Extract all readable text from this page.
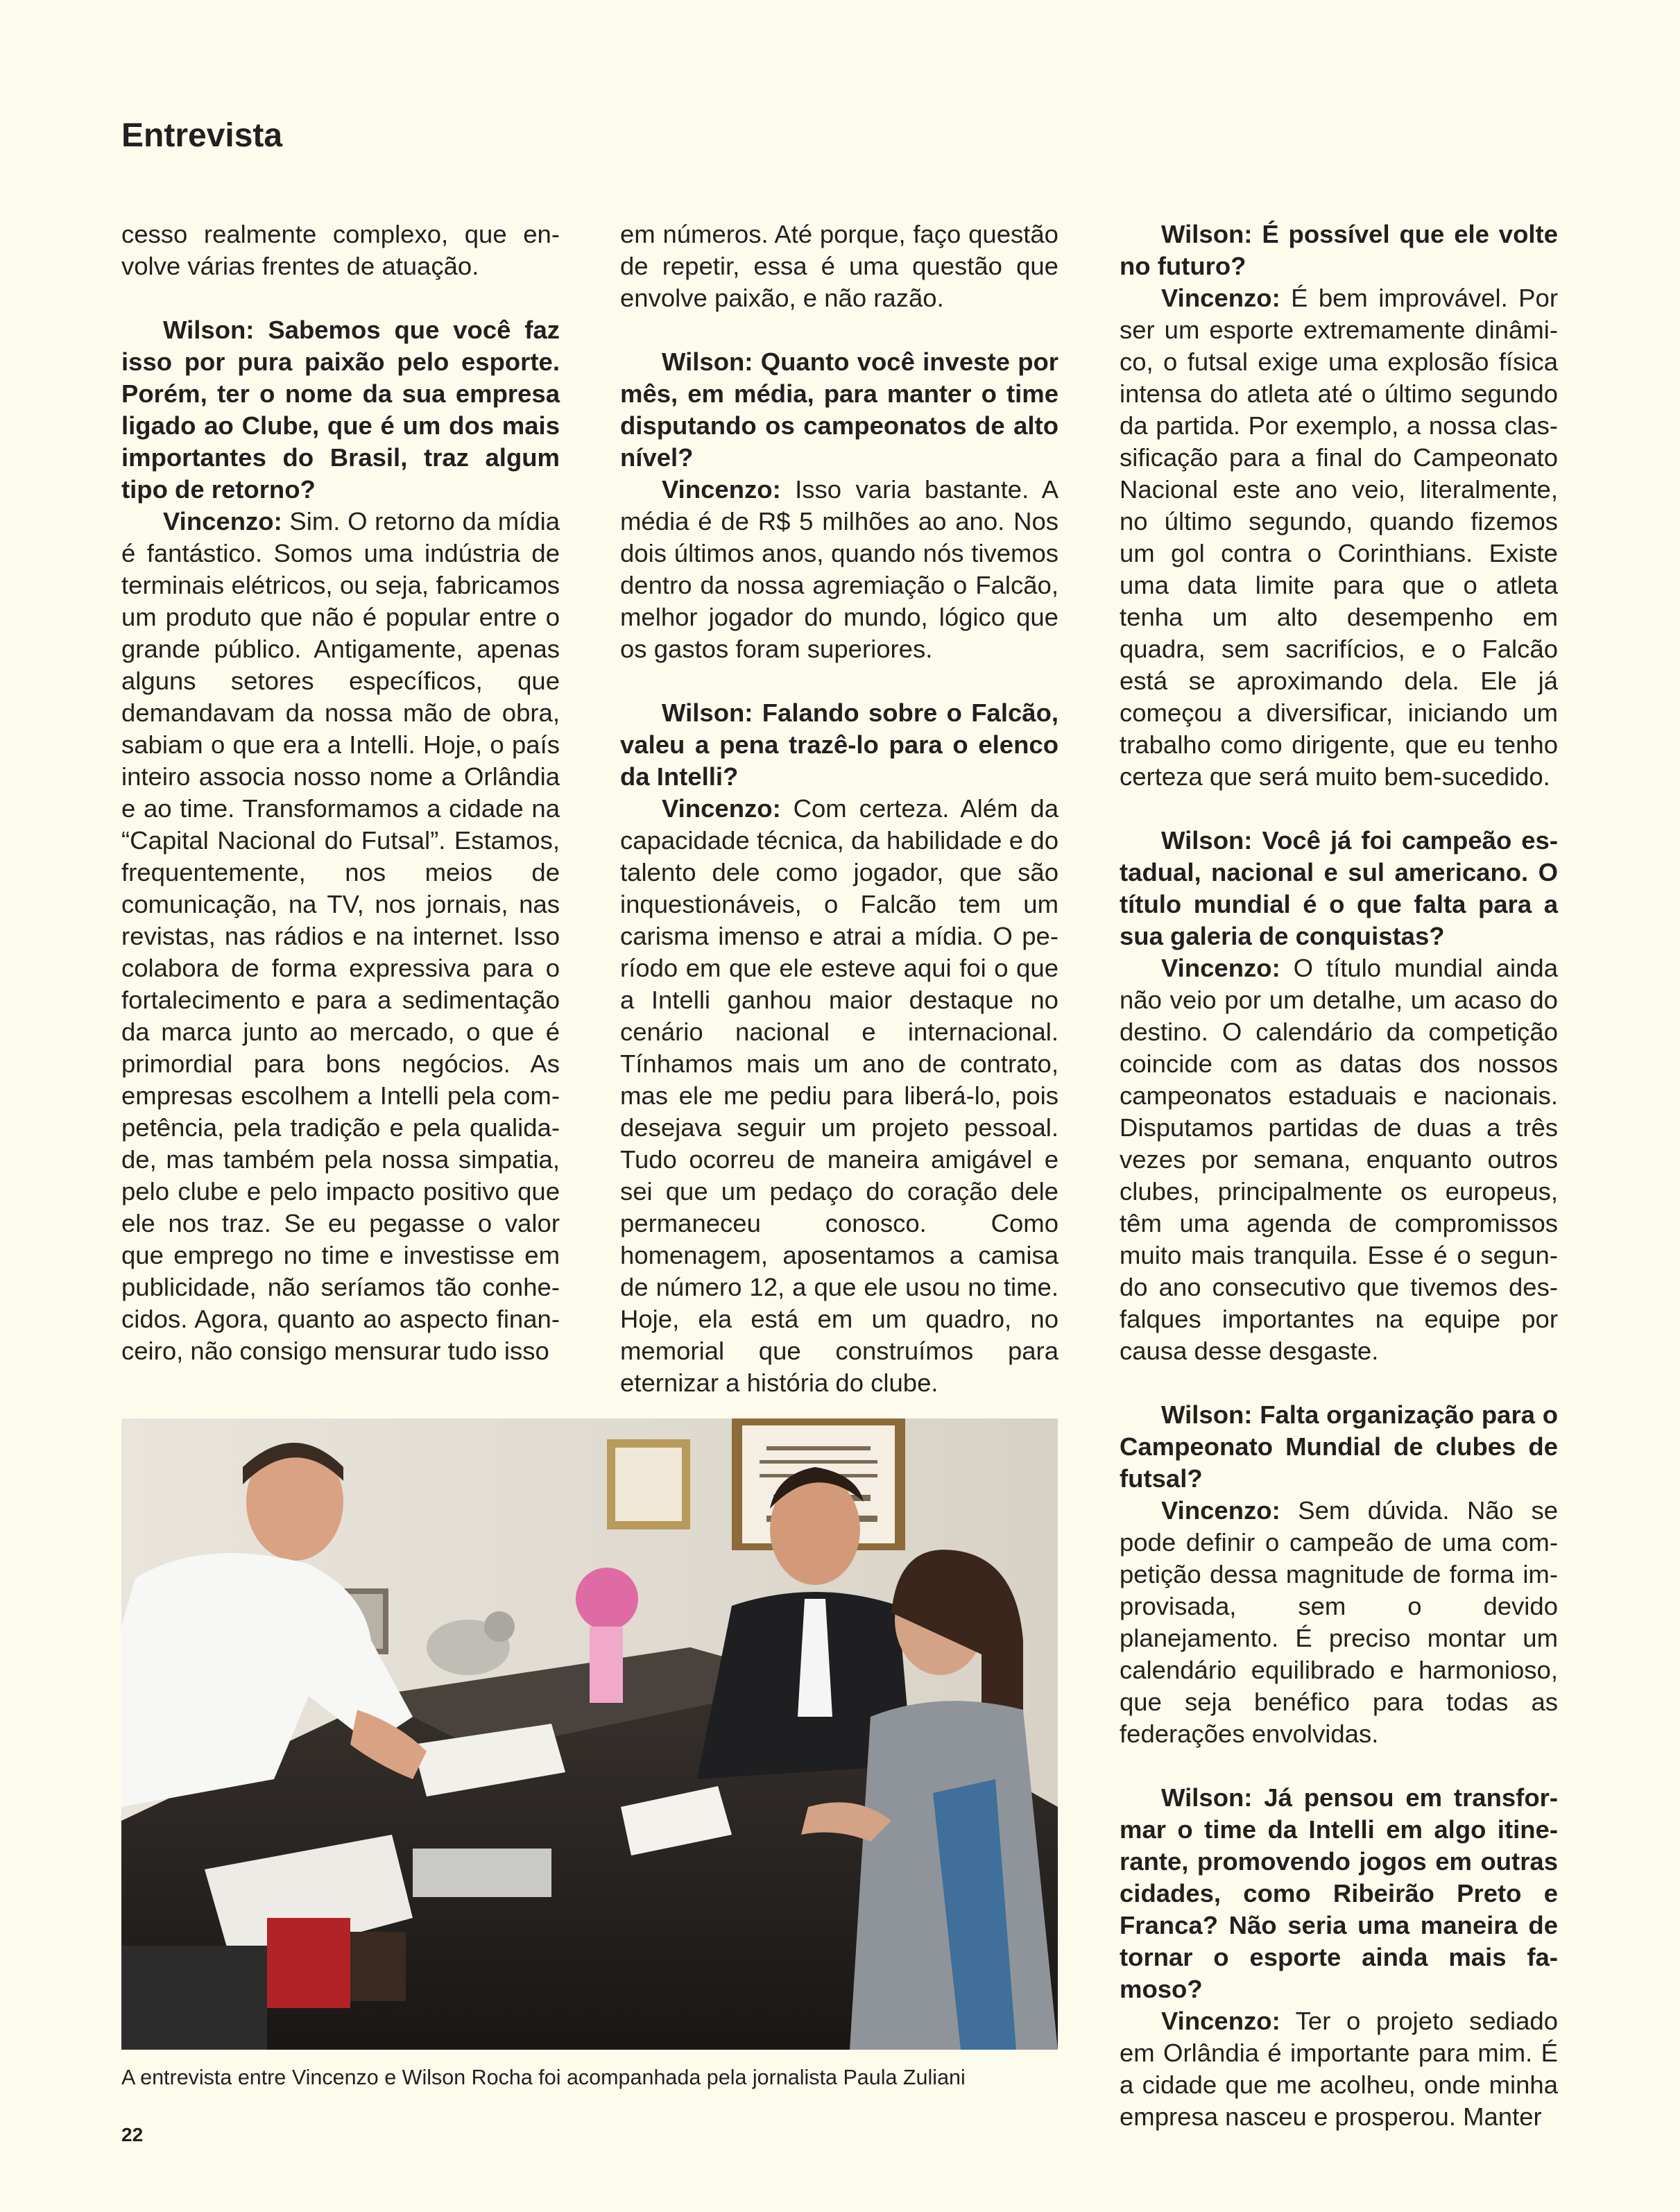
Entrevista

cesso realmente complexo, que envolve várias frentes de atuação.

Wilson: Sabemos que você faz isso por pura paixão pelo esporte. Porém, ter o nome da sua empresa ligado ao Clube, que é um dos mais importantes do Brasil, traz algum tipo de retorno?

Vincenzo: Sim. O retorno da mídia é fantástico. Somos uma indústria de terminais elétricos, ou seja, fabricamos um produto que não é popular entre o grande público. Antigamente, apenas alguns setores específicos, que demandavam da nossa mão de obra, sabiam o que era a Intelli. Hoje, o país inteiro associa nosso nome a Orlândia e ao time. Transformamos a cidade na “Capital Nacional do Futsal”. Estamos, frequentemente, nos meios de comunicação, na TV, nos jornais, nas revistas, nas rádios e na internet. Isso colabora de forma expressiva para o fortalecimento e para a sedimentação da marca junto ao mercado, o que é primordial para bons negócios. As empresas escolhem a Intelli pela competência, pela tradição e pela qualidade, mas também pela nossa simpatia, pelo clube e pelo impacto positivo que ele nos traz. Se eu pegasse o valor que emprego no time e investisse em publicidade, não seríamos tão conhecidos. Agora, quanto ao aspecto financeiro, não consigo mensurar tudo isso

em números. Até porque, faço questão de repetir, essa é uma questão que envolve paixão, e não razão.

Wilson: Quanto você investe por mês, em média, para manter o time disputando os campeonatos de alto nível?

Vincenzo: Isso varia bastante. A média é de R$ 5 milhões ao ano. Nos dois últimos anos, quando nós tivemos dentro da nossa agremiação o Falcão, melhor jogador do mundo, lógico que os gastos foram superiores.

Wilson: Falando sobre o Falcão, valeu a pena trazê-lo para o elenco da Intelli?

Vincenzo: Com certeza. Além da capacidade técnica, da habilidade e do talento dele como jogador, que são inquestionáveis, o Falcão tem um carisma imenso e atrai a mídia. O período em que ele esteve aqui foi o que a Intelli ganhou maior destaque no cenário nacional e internacional. Tínhamos mais um ano de contrato, mas ele me pediu para liberá-lo, pois desejava seguir um projeto pessoal. Tudo ocorreu de maneira amigável e sei que um pedaço do coração dele permaneceu conosco. Como homenagem, aposentamos a camisa de número 12, a que ele usou no time. Hoje, ela está em um quadro, no memorial que construímos para eternizar a história do clube.

Wilson: É possível que ele volte no futuro?

Vincenzo: É bem improvável. Por ser um esporte extremamente dinâmico, o futsal exige uma explosão física intensa do atleta até o último segundo da partida. Por exemplo, a nossa classificação para a final do Campeonato Nacional este ano veio, literalmente, no último segundo, quando fizemos um gol contra o Corinthians. Existe uma data limite para que o atleta tenha um alto desempenho em quadra, sem sacrifícios, e o Falcão está se aproximando dela. Ele já começou a diversificar, iniciando um trabalho como dirigente, que eu tenho certeza que será muito bem-sucedido.

Wilson: Você já foi campeão estadual, nacional e sul americano. O título mundial é o que falta para a sua galeria de conquistas?

Vincenzo: O título mundial ainda não veio por um detalhe, um acaso do destino. O calendário da competição coincide com as datas dos nossos campeonatos estaduais e nacionais. Disputamos partidas de duas a três vezes por semana, enquanto outros clubes, principalmente os europeus, têm uma agenda de compromissos muito mais tranquila. Esse é o segundo ano consecutivo que tivemos desfalques importantes na equipe por causa desse desgaste.

Wilson: Falta organização para o Campeonato Mundial de clubes de futsal?

Vincenzo: Sem dúvida. Não se pode definir o campeão de uma competição dessa magnitude de forma improvisada, sem o devido planejamento. É preciso montar um calendário equilibrado e harmonioso, que seja benéfico para todas as federações envolvidas.

Wilson: Já pensou em transformar o time da Intelli em algo itinerante, promovendo jogos em outras cidades, como Ribeirão Preto e Franca? Não seria uma maneira de tornar o esporte ainda mais famoso?

Vincenzo: Ter o projeto sediado em Orlândia é importante para mim. É a cidade que me acolheu, onde minha empresa nasceu e prosperou. Manter

A entrevista entre Vincenzo e Wilson Rocha foi acompanhada pela jornalista Paula Zuliani

22
